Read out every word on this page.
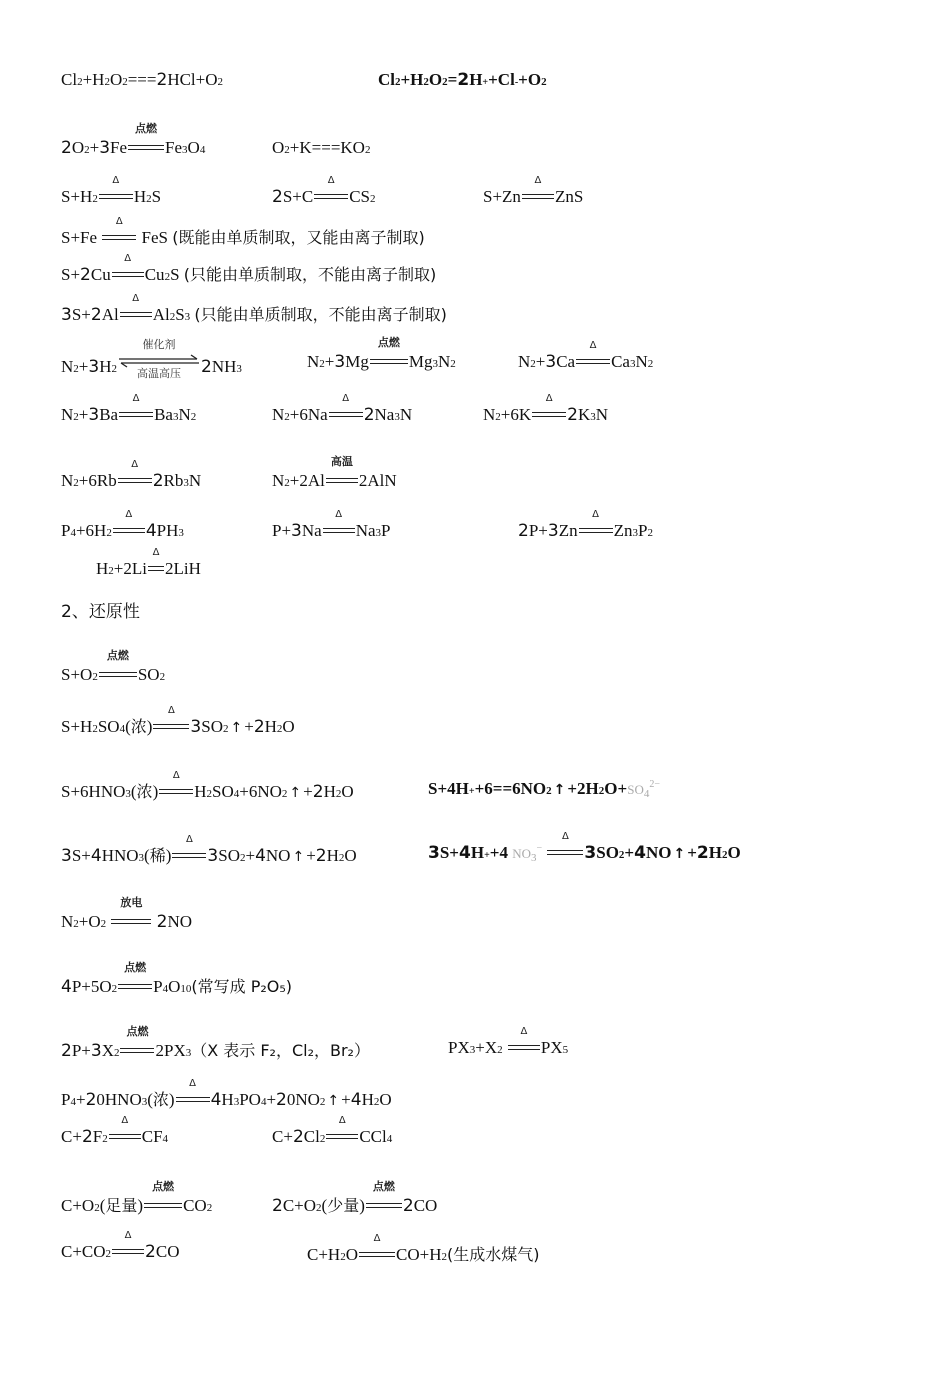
Cl 2 +H 2 O 2 === 2 HCl+O 2	Cl 2 +H 2 O 2 = 2 H + +Cl - +O 2
2 O 2 + 3 Fe
点燃
Fe 3 O 4	O 2 +K===KO 2
S+H 2
Δ
H 2 S	2 S+C
Δ
CS 2	S+Zn
Δ
ZnS
S+Fe
Δ
FeS (既能由单质制取，又能由离子制取)
S+ 2 Cu
Δ
Cu 2 S (只能由单质制取，不能由离子制取)
3 S+ 2 Al
Δ
Al 2 S 3
(只能由单质制取，不能由离子制取)
N 2 + 3 H 2
催化剂
高温高压	2 NH 3	N 2 + 3 Mg
点燃
Mg 3 N 2	N 2 + 3 Ca
Δ
Ca 3 N 2
N 2 + 3 Ba
Δ
Ba 3 N 2	N 2 +6Na
Δ
2 Na 3 N	N 2 +6K
Δ
2 K 3 N
N 2 +6Rb
Δ
2 Rb 3 N	N 2 +2Al
高温
2AlN
P 4 +6H 2
Δ
4 PH 3	P+ 3 Na
Δ
Na 3 P	2 P+ 3 Zn
Δ
Zn 3 P 2
H 2 +2Li
Δ
2LiH
2、还原性
S+O 2
点燃
SO 2
S+H 2 SO 4 ( 浓 )
Δ
3 SO 2 ↑ + 2 H 2 O
S+6HNO 3 ( 浓 )
Δ
H 2 SO 4 +6NO 2 ↑ + 2 H 2 O	S+4H + +6==6NO 2 ↑ +2H 2 $O+ SO_4^{2-}$
3 S+ 4 HNO 3 ( 稀 )
Δ
3 SO 2 + 4 NO ↑ + 2 H 2 O	3 S+ 4 H + +4 $NO_3^-$

Δ
3 SO 2 + 4 NO ↑ + 2 H 2 O
N 2 +O 2

放电

2 NO
4 P+5O 2
点燃
P 4 O 10 (常写成 P₂O₅)
2 P+ 3 X 2
点燃
2PX 3 （X 表示 F₂，Cl₂，Br₂）	PX 3 +X 2

Δ
PX 5
P 4 + 2 0HNO 3 ( 浓 )
Δ
4 H 3 PO 4 + 2 0NO 2 ↑ + 4 H 2 O
C+ 2 F 2
Δ
CF 4	C+ 2 Cl 2
Δ
CCl 4
C+O 2 ( 足量 )
点燃
CO 2	2 C+O 2 ( 少量 )
点燃
2 CO
C+CO 2
Δ
2 CO	C+H 2 O
Δ
CO+H 2 (生成水煤气)
